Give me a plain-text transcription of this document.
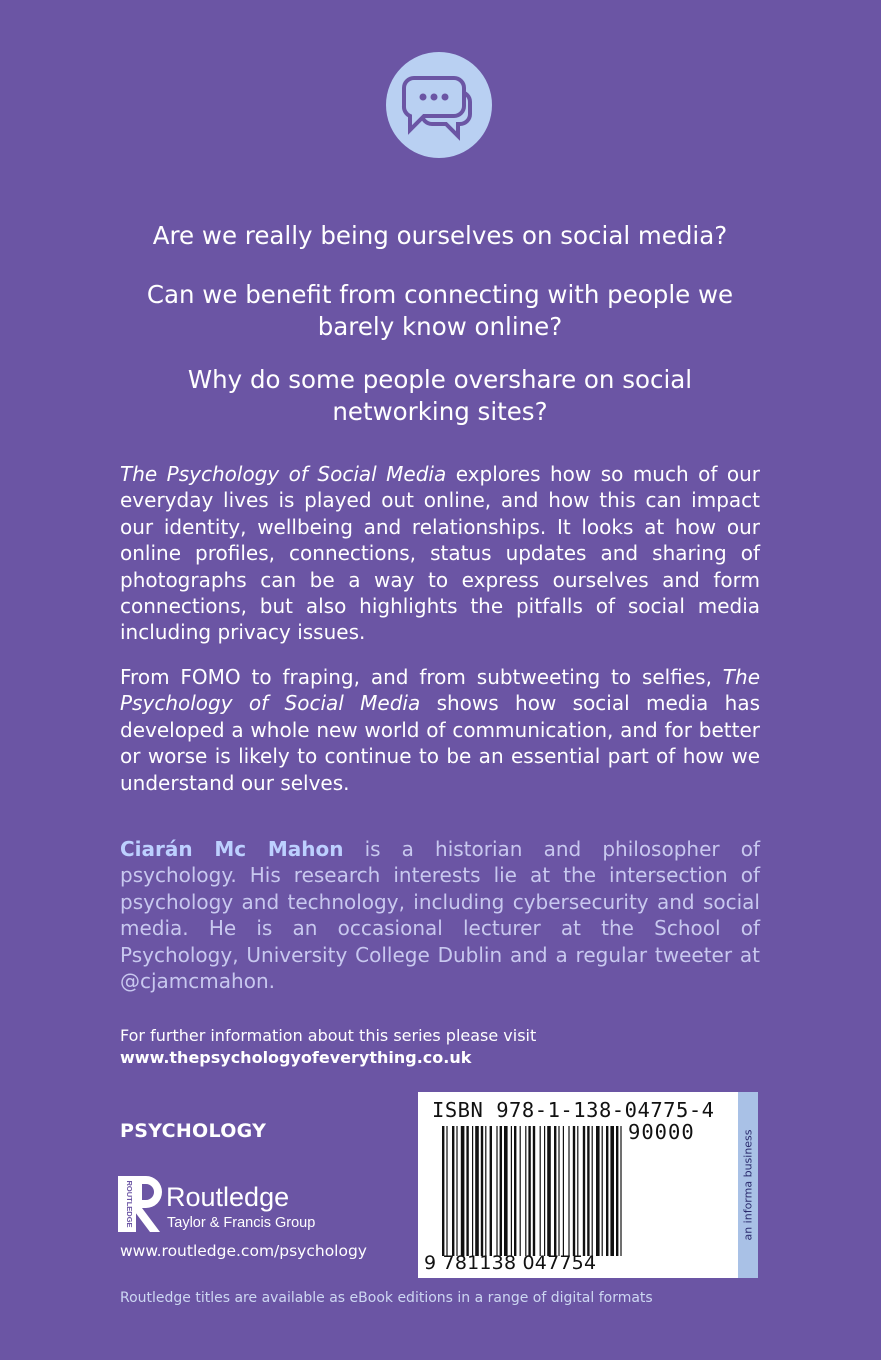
Are we really being ourselves on social media?

Can we benefit from connecting with people we barely know online?

Why do some people overshare on social networking sites?

The Psychology of Social Media explores how so much of our everyday lives is played out online, and how this can impact our identity, wellbeing and relationships. It looks at how our online profiles, connections, status updates and sharing of photographs can be a way to express ourselves and form connections, but also highlights the pitfalls of social media including privacy issues.

From FOMO to fraping, and from subtweeting to selfies, The Psychology of Social Media shows how social media has developed a whole new world of communication, and for better or worse is likely to continue to be an essential part of how we understand our selves.

Ciarán Mc Mahon is a historian and philosopher of psychology. His research interests lie at the intersection of psychology and technology, including cybersecurity and social media. He is an occasional lecturer at the School of Psychology, University College Dublin and a regular tweeter at @cjamcmahon.

For further information about this series please visit
www.thepsychologyofeverything.co.uk
PSYCHOLOGY
ROUTLEDGE Routledge
Taylor & Francis Group
www.routledge.com/psychology
ISBN 978-1-138-04775-4
90000
9 781138 047754
an informa business
Routledge titles are available as eBook editions in a range of digital formats
